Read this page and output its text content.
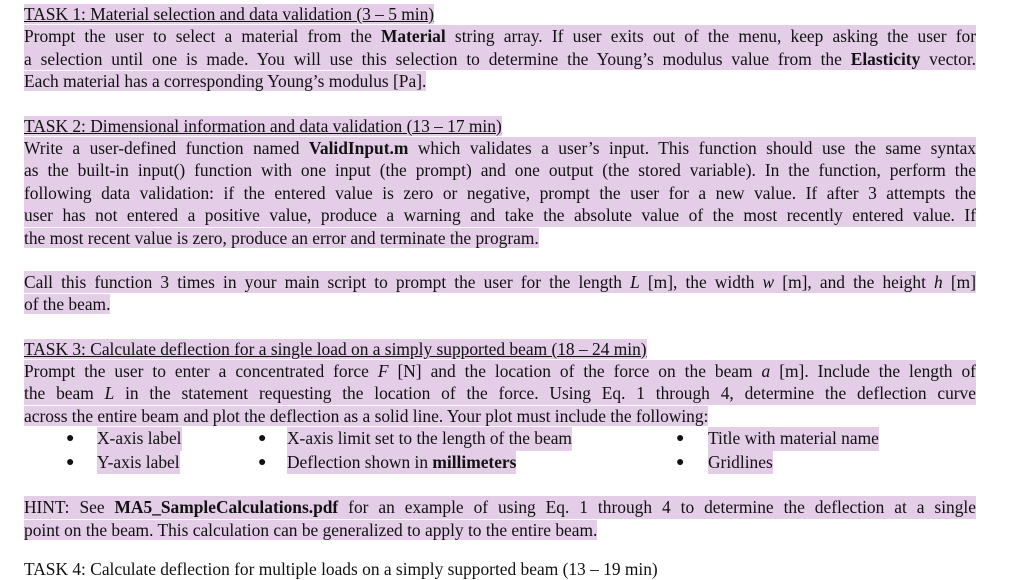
TASK 1: Material selection and data validation (3 – 5 min)
Prompt the user to select a material from the Material string array. If user exits out of the menu, keep asking the user for
a selection until one is made. You will use this selection to determine the Young’s modulus value from the Elasticity vector.
Each material has a corresponding Young’s modulus [Pa].
TASK 2: Dimensional information and data validation (13 – 17 min)
Write a user-defined function named ValidInput.m which validates a user’s input. This function should use the same syntax
as the built-in input() function with one input (the prompt) and one output (the stored variable). In the function, perform the
following data validation: if the entered value is zero or negative, prompt the user for a new value. If after 3 attempts the
user has not entered a positive value, produce a warning and take the absolute value of the most recently entered value. If
the most recent value is zero, produce an error and terminate the program.
Call this function 3 times in your main script to prompt the user for the length L [m], the width w [m], and the height h [m]
of the beam.
TASK 3: Calculate deflection for a single load on a simply supported beam (18 – 24 min)
Prompt the user to enter a concentrated force F [N] and the location of the force on the beam a [m]. Include the length of
the beam L in the statement requesting the location of the force. Using Eq. 1 through 4, determine the deflection curve
across the entire beam and plot the deflection as a solid line. Your plot must include the following:
● X-axis label	● X-axis limit set to the length of the beam	● Title with material name
● Y-axis label	● Deflection shown in millimeters	● Gridlines
HINT: See MA5_SampleCalculations.pdf for an example of using Eq. 1 through 4 to determine the deflection at a single
point on the beam. This calculation can be generalized to apply to the entire beam.
TASK 4: Calculate deflection for multiple loads on a simply supported beam (13 – 19 min)
